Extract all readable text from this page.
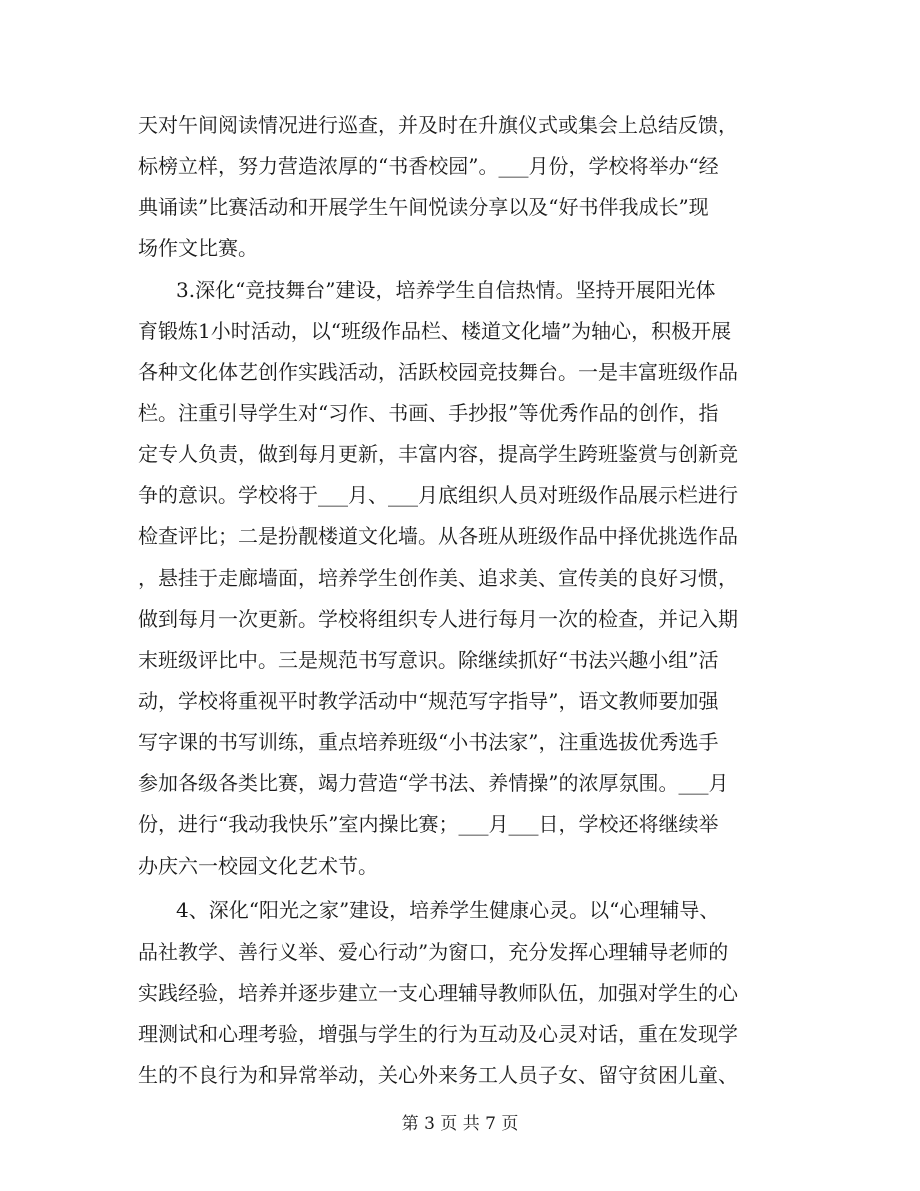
天对午间阅读情况进行巡查，并及时在升旗仪式或集会上总结反馈，
标榜立样，努力营造浓厚的“书香校园”。___月份，学校将举办“经
典诵读”比赛活动和开展学生午间悦读分享以及“好书伴我成长”现
场作文比赛。
3.深化“竞技舞台”建设，培养学生自信热情。坚持开展阳光体
育锻炼1小时活动，以“班级作品栏、楼道文化墙”为轴心，积极开展
各种文化体艺创作实践活动，活跃校园竞技舞台。一是丰富班级作品
栏。注重引导学生对“习作、书画、手抄报”等优秀作品的创作，指
定专人负责，做到每月更新，丰富内容，提高学生跨班鉴赏与创新竞
争的意识。学校将于___月、___月底组织人员对班级作品展示栏进行
检查评比；二是扮靓楼道文化墙。从各班从班级作品中择优挑选作品
，悬挂于走廊墙面，培养学生创作美、追求美、宣传美的良好习惯，
做到每月一次更新。学校将组织专人进行每月一次的检查，并记入期
末班级评比中。三是规范书写意识。除继续抓好“书法兴趣小组”活
动，学校将重视平时教学活动中“规范写字指导”，语文教师要加强
写字课的书写训练，重点培养班级“小书法家”，注重选拔优秀选手
参加各级各类比赛，竭力营造“学书法、养情操”的浓厚氛围。___月
份，进行“我动我快乐”室内操比赛；___月___日，学校还将继续举
办庆六一校园文化艺术节。
4、深化“阳光之家”建设，培养学生健康心灵。以“心理辅导、
品社教学、善行义举、爱心行动”为窗口，充分发挥心理辅导老师的
实践经验，培养并逐步建立一支心理辅导教师队伍，加强对学生的心
理测试和心理考验，增强与学生的行为互动及心灵对话，重在发现学
生的不良行为和异常举动，关心外来务工人员子女、留守贫困儿童、
第 3 页 共 7 页
